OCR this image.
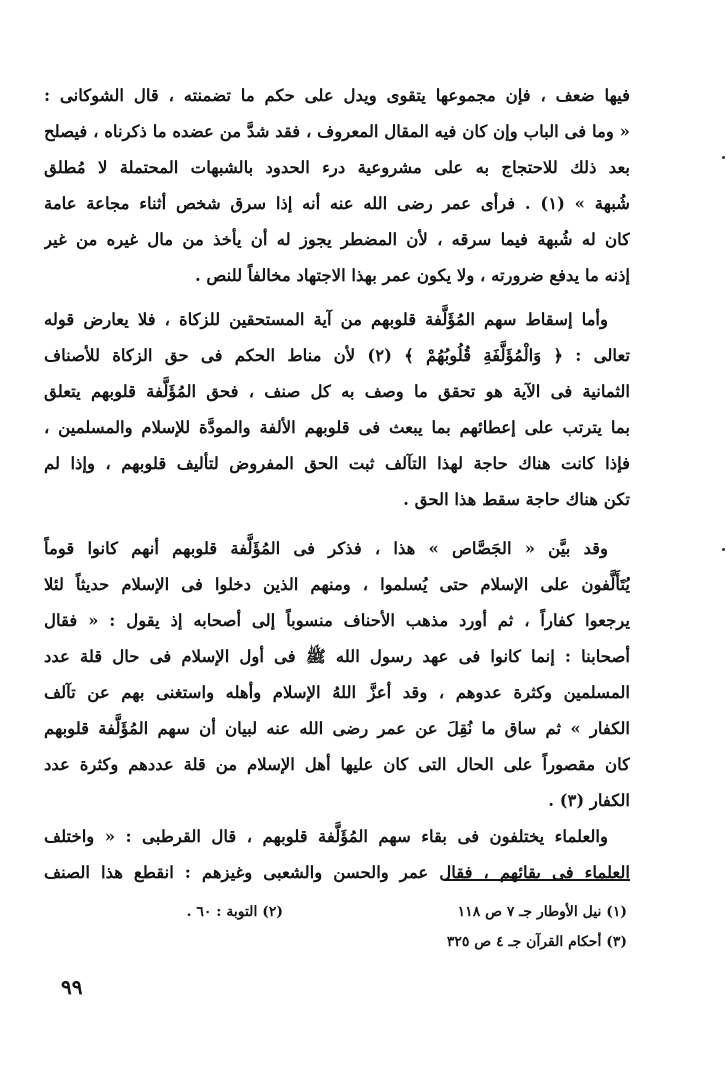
فيها ضعف ، فإن مجموعها يتقوى ويدل على حكم ما تضمنته ، قال الشوكانى :
« وما فى الباب وإن كان فيه المقال المعروف ، فقد شدَّ من عضده ما ذكرناه ، فيصلح
بعد ذلك للاحتجاج به على مشروعية درء الحدود بالشبهات المحتملة لا مُطلق
شُبهة » (١) . فرأى عمر رضى الله عنه أنه إذا سرق شخص أثناء مجاعة عامة
كان له شُبهة فيما سرقه ، لأن المضطر يجوز له أن يأخذ من مال غيره من غير
إذنه ما يدفع ضرورته ، ولا يكون عمر بهذا الاجتهاد مخالفاً للنص .
وأما إسقاط سهم المُؤَلَّفة قلوبهم من آية المستحقين للزكاة ، فلا يعارض قوله
تعالى : ﴿ وَالْمُؤَلَّفَةِ قُلُوبُهُمْ ﴾ (٢) لأن مناط الحكم فى حق الزكاة للأصناف
الثمانية فى الآية هو تحقق ما وصف به كل صنف ، فحق المُؤَلَّفة قلوبهم يتعلق
بما يترتب على إعطائهم بما يبعث فى قلوبهم الألفة والمودَّة للإسلام والمسلمين ،
فإذا كانت هناك حاجة لهذا التآلف ثبت الحق المفروض لتأليف قلوبهم ، وإذا لم
تكن هناك حاجة سقط هذا الحق .
وقد بيَّن « الجَصَّاص » هذا ، فذكر فى المُؤَلَّفة قلوبهم أنهم كانوا قوماً
يُتَأَلَّفون على الإسلام حتى يُسلموا ، ومنهم الذين دخلوا فى الإسلام حديثاً لئلا
يرجعوا كفاراً ، ثم أورد مذهب الأحناف منسوباً إلى أصحابه إذ يقول : « فقال
أصحابنا : إنما كانوا فى عهد رسول الله ﷺ فى أول الإسلام فى حال قلة عدد
المسلمين وكثرة عدوهم ، وقد أعزَّ اللهُ الإسلام وأهله واستغنى بهم عن تآلف
الكفار » ثم ساق ما نُقِلَ عن عمر رضى الله عنه لبيان أن سهم المُؤَلَّفة قلوبهم
كان مقصوراً على الحال التى كان عليها أهل الإسلام من قلة عددهم وكثرة عدد
الكفار (٣) .
والعلماء يختلفون فى بقاء سهم المُؤَلَّفة قلوبهم ، قال القرطبى : « واختلف
العلماء فى بقائهم ، فقال عمر والحسن والشعبى وغيزهم : انقطع هذا الصنف
(١) نيل الأوطار جـ ٧ ص ١١٨
(٢) التوبة : ٦٠ .
(٣) أحكام القرآن جـ ٤ ص ٣٢٥
٩٩
